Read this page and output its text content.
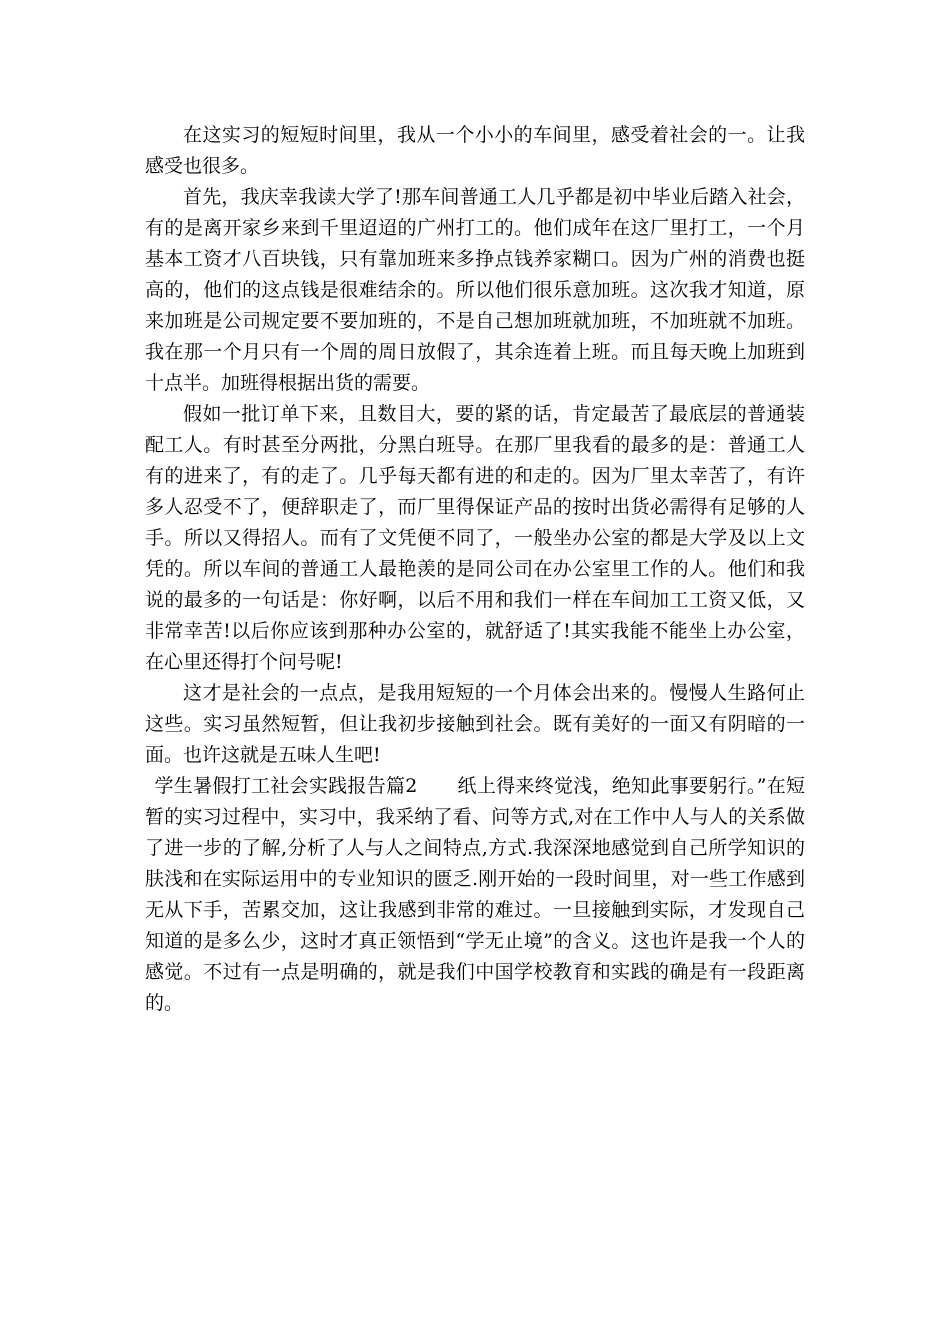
在这实习的短短时间里，我从一个小小的车间里，感受着社会的一。让我感受也很多。

首先，我庆幸我读大学了!那车间普通工人几乎都是初中毕业后踏入社会，有的是离开家乡来到千里迢迢的广州打工的。他们成年在这厂里打工，一个月基本工资才八百块钱，只有靠加班来多挣点钱养家糊口。因为广州的消费也挺高的，他们的这点钱是很难结余的。所以他们很乐意加班。这次我才知道，原来加班是公司规定要不要加班的，不是自己想加班就加班，不加班就不加班。我在那一个月只有一个周的周日放假了，其余连着上班。而且每天晚上加班到十点半。加班得根据出货的需要。

假如一批订单下来，且数目大，要的紧的话，肯定最苦了最底层的普通装配工人。有时甚至分两批，分黑白班导。在那厂里我看的最多的是：普通工人有的进来了，有的走了。几乎每天都有进的和走的。因为厂里太幸苦了，有许多人忍受不了，便辞职走了，而厂里得保证产品的按时出货必需得有足够的人手。所以又得招人。而有了文凭便不同了，一般坐办公室的都是大学及以上文凭的。所以车间的普通工人最艳羡的是同公司在办公室里工作的人。他们和我说的最多的一句话是：你好啊，以后不用和我们一样在车间加工工资又低，又非常幸苦!以后你应该到那种办公室的，就舒适了!其实我能不能坐上办公室，在心里还得打个问号呢!

这才是社会的一点点，是我用短短的一个月体会出来的。慢慢人生路何止这些。实习虽然短暂，但让我初步接触到社会。既有美好的一面又有阴暗的一面。也许这就是五味人生吧!

学生暑假打工社会实践报告篇2 纸上得来终觉浅，绝知此事要躬行。”在短暂的实习过程中，实习中，我采纳了看、问等方式,对在工作中人与人的关系做了进一步的了解,分析了人与人之间特点,方式.我深深地感觉到自己所学知识的肤浅和在实际运用中的专业知识的匮乏.刚开始的一段时间里，对一些工作感到无从下手，苦累交加，这让我感到非常的难过。一旦接触到实际，才发现自己知道的是多么少，这时才真正领悟到“学无止境”的含义。这也许是我一个人的感觉。不过有一点是明确的，就是我们中国学校教育和实践的确是有一段距离的。
